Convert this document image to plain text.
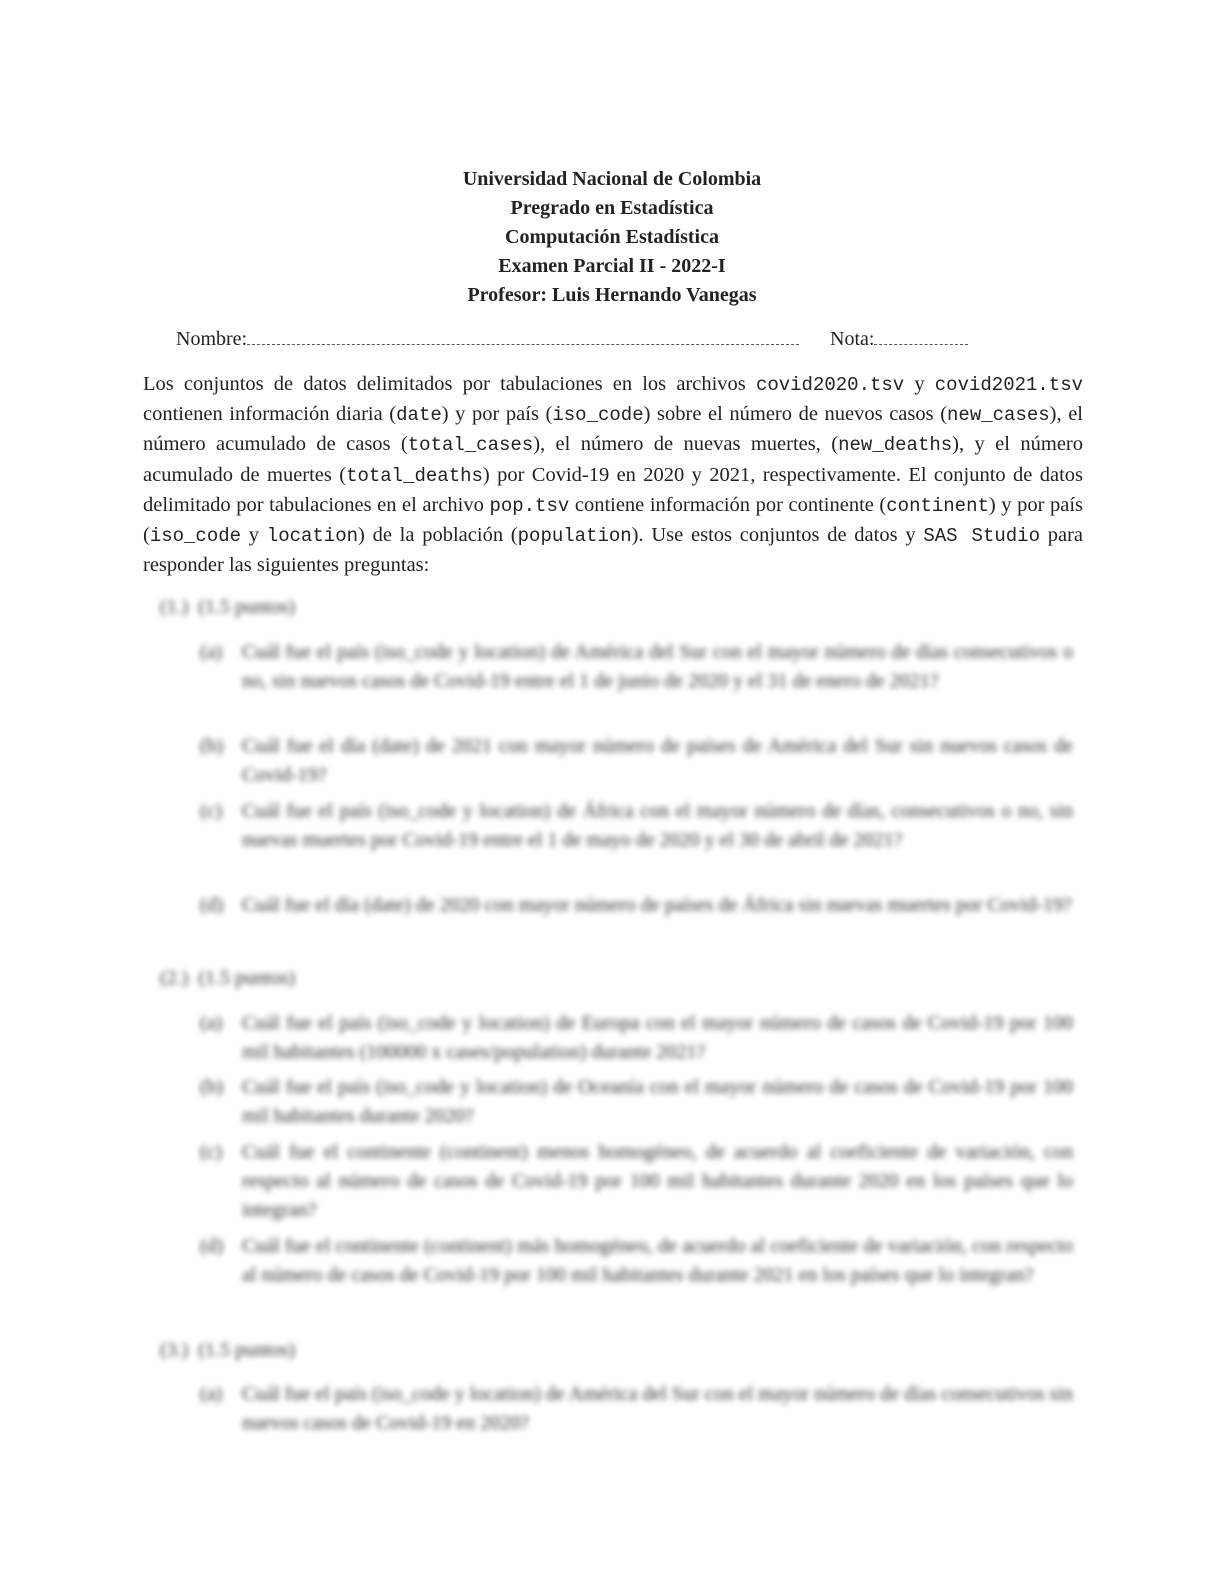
Universidad Nacional de Colombia
Pregrado en Estadística
Computación Estadística
Examen Parcial II - 2022-I
Profesor: Luis Hernando Vanegas
Nombre:	Nota:
Los conjuntos de datos delimitados por tabulaciones en los archivos covid2020.tsv y covid2021.tsv contienen información diaria (date) y por país (iso_code) sobre el número de nuevos casos (new_cases), el número acumulado de casos (total_cases), el número de nuevas muertes, (new_deaths), y el número acumulado de muertes (total_deaths) por Covid-19 en 2020 y 2021, respectivamente. El conjunto de datos delimitado por tabulaciones en el archivo pop.tsv contiene información por continente (continent) y por país (iso_code y location) de la población (population). Use estos conjuntos de datos y SAS Studio para responder las siguientes preguntas:
(1.) (1.5 puntos)
(a) Cuál fue el país (iso_code y location) de América del Sur con el mayor número de días consecutivos o no, sin nuevos casos de Covid-19 entre el 1 de junio de 2020 y el 31 de enero de 2021?
(b) Cuál fue el día (date) de 2021 con mayor número de países de América del Sur sin nuevos casos de Covid-19?
(c) Cuál fue el país (iso_code y location) de África con el mayor número de días, consecutivos o no, sin nuevas muertes por Covid-19 entre el 1 de mayo de 2020 y el 30 de abril de 2021?
(d) Cuál fue el día (date) de 2020 con mayor número de países de África sin nuevas muertes por Covid-19?
(2.) (1.5 puntos)
(a) Cuál fue el país (iso_code y location) de Europa con el mayor número de casos de Covid-19 por 100 mil habitantes (100000 x cases/population) durante 2021?
(b) Cuál fue el país (iso_code y location) de Oceanía con el mayor número de casos de Covid-19 por 100 mil habitantes durante 2020?
(c) Cuál fue el continente (continent) menos homogéneo, de acuerdo al coeficiente de variación, con respecto al número de casos de Covid-19 por 100 mil habitantes durante 2020 en los países que lo integran?
(d) Cuál fue el continente (continent) más homogéneo, de acuerdo al coeficiente de variación, con respecto al número de casos de Covid-19 por 100 mil habitantes durante 2021 en los países que lo integran?
(3.) (1.5 puntos)
(a) Cuál fue el país (iso_code y location) de América del Sur con el mayor número de días consecutivos sin nuevos casos de Covid-19 en 2020?
